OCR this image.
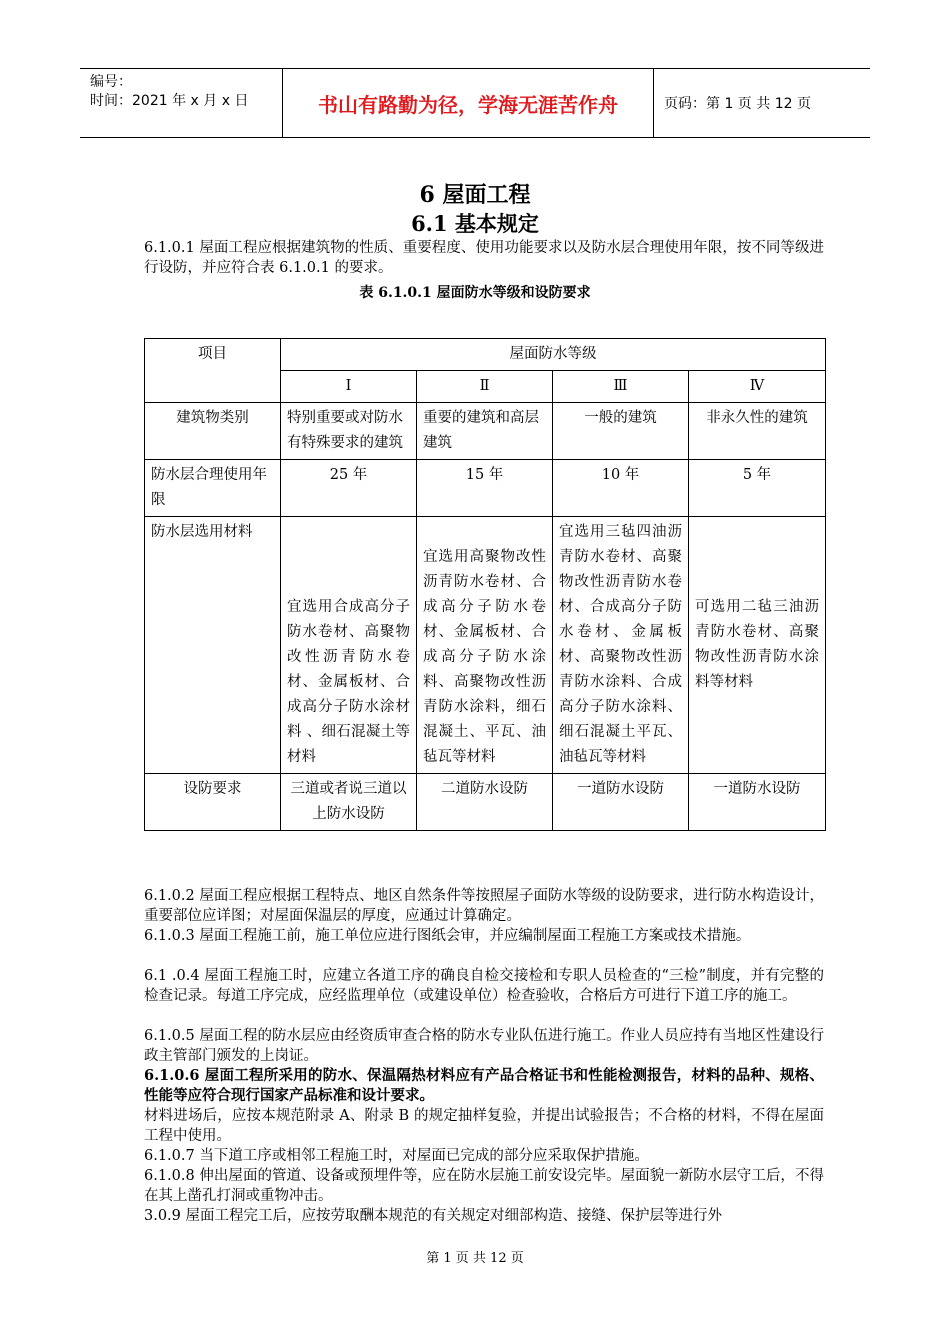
编号：
时间：2021 年 x 月 x 日	书山有路勤为径，学海无涯苦作舟	页码：第 1 页 共 12 页
6 屋面工程
6.1 基本规定
6.1.0.1 屋面工程应根据建筑物的性质、重要程度、使用功能要求以及防水层合理使用年限，按不同等级进行设防，并应符合表 6.1.0.1 的要求。
表 6.1.0.1 屋面防水等级和设防要求
项目	屋面防水等级			
	Ⅰ	Ⅱ	Ⅲ	Ⅳ
建筑物类别	特别重要或对防水有特殊要求的建筑	重要的建筑和高层建筑	一般的建筑	非永久性的建筑
防水层合理使用年限	25 年	15 年	10 年	5 年
防水层选用材料	宜选用合成高分子防水卷材、高聚物改性沥青防水卷材、金属板材、合成高分子防水涂材料 、细石混凝土等材料	宜选用高聚物改性沥青防水卷材、合成高分子防水卷材、金属板材、合成高分子防水涂料、高聚物改性沥青防水涂料，细石混凝土、平瓦、油毡瓦等材料	宜选用三毡四油沥青防水卷材、高聚物改性沥青防水卷材、合成高分子防水卷材、金属板材、高聚物改性沥青防水涂料、合成高分子防水涂料、细石混凝土平瓦、油毡瓦等材料	可选用二毡三油沥青防水卷材、高聚物改性沥青防水涂料等材料
设防要求	三道或者说三道以上防水设防	二道防水设防	一道防水设防	一道防水设防
6.1.0.2 屋面工程应根据工程特点、地区自然条件等按照屋子面防水等级的设防要求，进行防水构造设计，重要部位应详图；对屋面保温层的厚度，应通过计算确定。
6.1.0.3 屋面工程施工前，施工单位应进行图纸会审，并应编制屋面工程施工方案或技术措施。
6.1 .0.4 屋面工程施工时，应建立各道工序的确良自检交接检和专职人员检查的“三检”制度，并有完整的检查记录。每道工序完成，应经监理单位（或建设单位）检查验收，合格后方可进行下道工序的施工。
6.1.0.5 屋面工程的防水层应由经资质审查合格的防水专业队伍进行施工。作业人员应持有当地区性建设行政主管部门颁发的上岗证。
6.1.0.6 屋面工程所采用的防水、保温隔热材料应有产品合格证书和性能检测报告，材料的品种、规格、性能等应符合现行国家产品标准和设计要求。
材料进场后，应按本规范附录 A、附录 B 的规定抽样复验，并提出试验报告；不合格的材料，不得在屋面工程中使用。
6.1.0.7 当下道工序或相邻工程施工时，对屋面已完成的部分应采取保护措施。
6.1.0.8 伸出屋面的管道、设备或预埋件等，应在防水层施工前安设完毕。屋面貌一新防水层守工后，不得在其上凿孔打洞或重物冲击。
3.0.9 屋面工程完工后，应按劳取酬本规范的有关规定对细部构造、接缝、保护层等进行外
第 1 页 共 12 页
